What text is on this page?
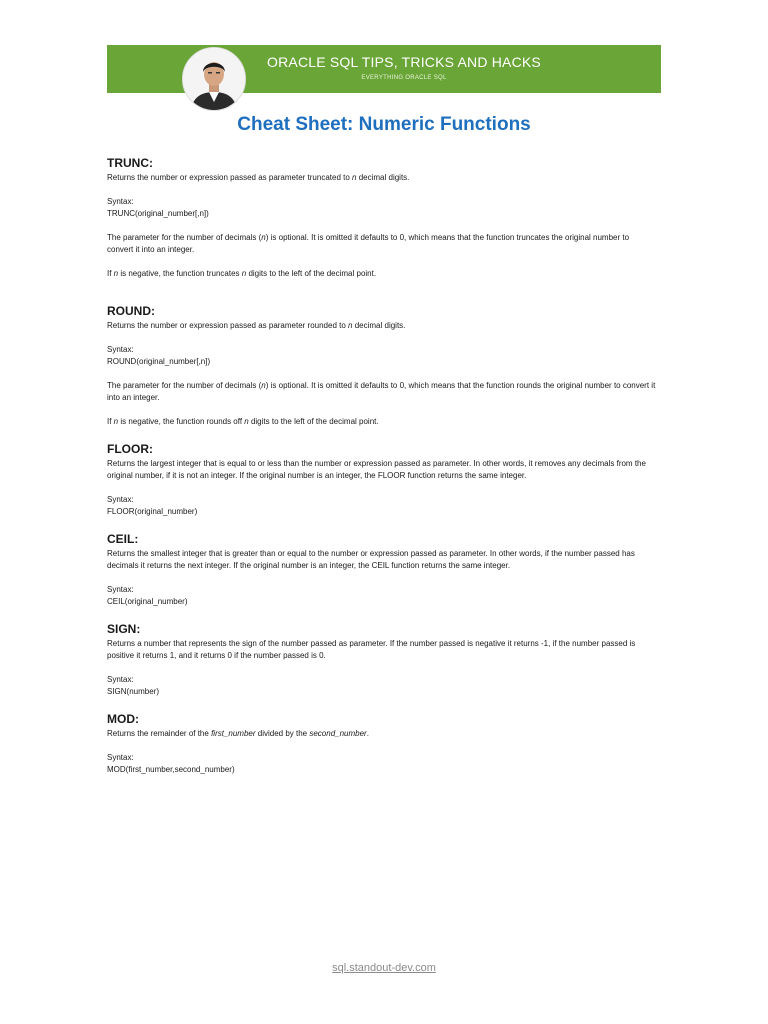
ORACLE SQL TIPS, TRICKS AND HACKS
EVERYTHING ORACLE SQL
Cheat Sheet: Numeric Functions
TRUNC:
Returns the number or expression passed as parameter truncated to n decimal digits.
Syntax:
TRUNC(original_number[,n])
The parameter for the number of decimals (n) is optional. It is omitted it defaults to 0, which means that the function truncates the original number to convert it into an integer.
If n is negative, the function truncates n digits to the left of the decimal point.
ROUND:
Returns the number or expression passed as parameter rounded to n decimal digits.
Syntax:
ROUND(original_number[,n])
The parameter for the number of decimals (n) is optional. It is omitted it defaults to 0, which means that the function rounds the original number to convert it into an integer.
If n is negative, the function rounds off n digits to the left of the decimal point.
FLOOR:
Returns the largest integer that is equal to or less than the number or expression passed as parameter. In other words, it removes any decimals from the original number, if it is not an integer. If the original number is an integer, the FLOOR function returns the same integer.
Syntax:
FLOOR(original_number)
CEIL:
Returns the smallest integer that is greater than or equal to the number or expression passed as parameter. In other words, if the number passed has decimals it returns the next integer. If the original number is an integer, the CEIL function returns the same integer.
Syntax:
CEIL(original_number)
SIGN:
Returns a number that represents the sign of the number passed as parameter. If the number passed is negative it returns -1, if the number passed is positive it returns 1, and it returns 0 if the number passed is 0.
Syntax:
SIGN(number)
MOD:
Returns the remainder of the first_number divided by the second_number.
Syntax:
MOD(first_number,second_number)
sql.standout-dev.com
